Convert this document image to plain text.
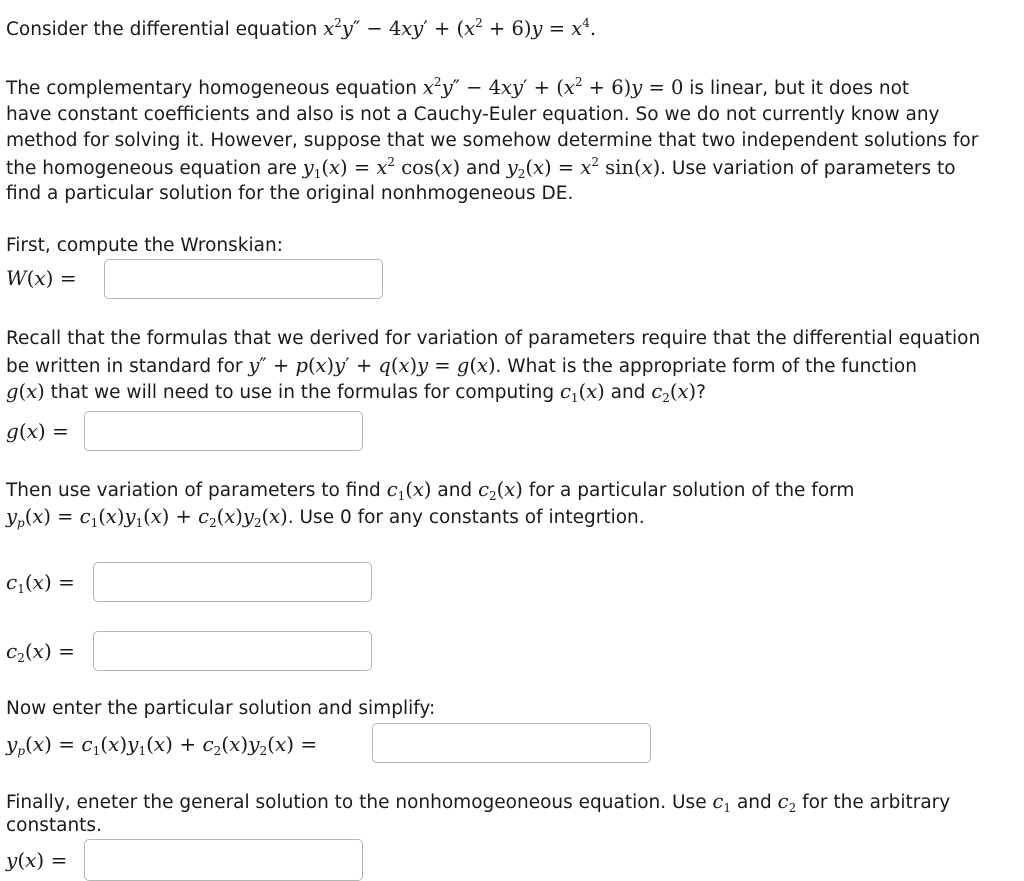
Consider the differential equation $x^2y'' - 4xy' + (x^2 + 6)y = x^4$.
The complementary homogeneous equation $x^2y'' - 4xy' + (x^2 + 6)y = 0$ is linear, but it does not
have constant coefficients and also is not a Cauchy-Euler equation. So we do not currently know any
method for solving it. However, suppose that we somehow determine that two independent solutions for
the homogeneous equation are $y_1(x) = x^2$ cos(x) and $y_2(x) = x^2$ sin(x). Use variation of parameters to
find a particular solution for the original nonhmogeneous DE.
First, compute the Wronskian:
W(x) =
Recall that the formulas that we derived for variation of parameters require that the differential equation
be written in standard for y″ + p(x)y′ + q(x)y = g(x). What is the appropriate form of the function
g(x) that we will need to use in the formulas for computing $c_1(x)$ and $c_2(x)$?
g(x) =
Then use variation of parameters to find $c_1(x)$ and $c_2(x)$ for a particular solution of the form
$y_p(x) = c_1(x)y_1(x) + c_2(x)y_2(x)$. Use 0 for any constants of integrtion.
$c_1(x)$ =
$c_2(x)$ =
Now enter the particular solution and simplify:
$y_p(x) = c_1(x)y_1(x) + c_2(x)y_2(x)$ =
Finally, eneter the general solution to the nonhomogeoneous equation. Use $c_1$ and $c_2$ for the arbitrary
constants.
y(x) =
